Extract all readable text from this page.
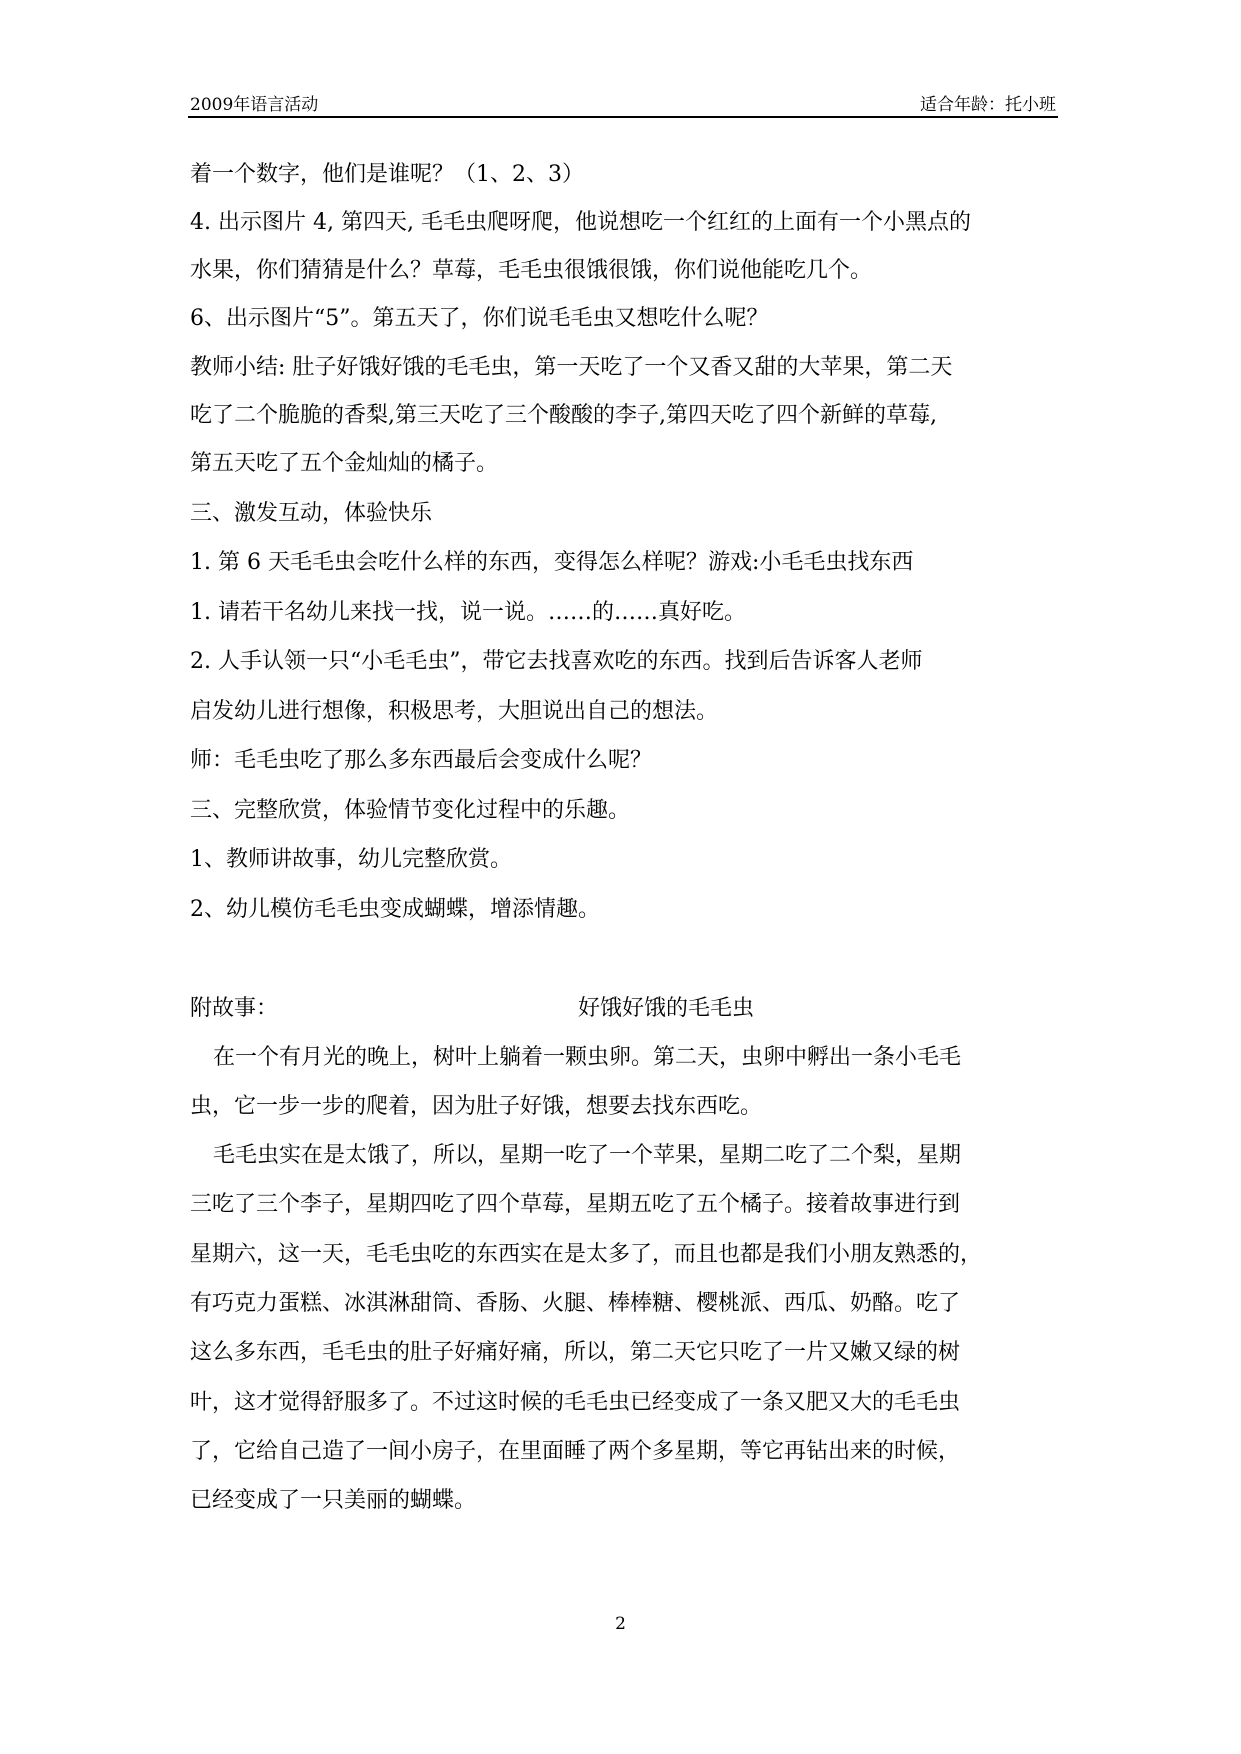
2009年语言活动	适合年龄：托小班
着一个数字，他们是谁呢？（1、2、3）
4. 出示图片 4, 第四天, 毛毛虫爬呀爬，他说想吃一个红红的上面有一个小黑点的
水果，你们猜猜是什么？草莓，毛毛虫很饿很饿，你们说他能吃几个。
6、出示图片“5”。第五天了，你们说毛毛虫又想吃什么呢？
教师小结: 肚子好饿好饿的毛毛虫，第一天吃了一个又香又甜的大苹果，第二天
吃了二个脆脆的香梨,第三天吃了三个酸酸的李子,第四天吃了四个新鲜的草莓,
第五天吃了五个金灿灿的橘子。
三、激发互动，体验快乐
1. 第 6 天毛毛虫会吃什么样的东西，变得怎么样呢？游戏:小毛毛虫找东西
1. 请若干名幼儿来找一找，说一说。……的……真好吃。
2. 人手认领一只“小毛毛虫”，带它去找喜欢吃的东西。找到后告诉客人老师
启发幼儿进行想像，积极思考，大胆说出自己的想法。
师：毛毛虫吃了那么多东西最后会变成什么呢？
三、完整欣赏，体验情节变化过程中的乐趣。
1、教师讲故事，幼儿完整欣赏。
2、幼儿模仿毛毛虫变成蝴蝶，增添情趣。
附故事：	好饿好饿的毛毛虫
在一个有月光的晚上，树叶上躺着一颗虫卵。第二天，虫卵中孵出一条小毛毛
虫，它一步一步的爬着，因为肚子好饿，想要去找东西吃。
毛毛虫实在是太饿了，所以，星期一吃了一个苹果，星期二吃了二个梨，星期
三吃了三个李子，星期四吃了四个草莓，星期五吃了五个橘子。接着故事进行到
星期六，这一天，毛毛虫吃的东西实在是太多了，而且也都是我们小朋友熟悉的，
有巧克力蛋糕、冰淇淋甜筒、香肠、火腿、棒棒糖、樱桃派、西瓜、奶酪。吃了
这么多东西，毛毛虫的肚子好痛好痛，所以，第二天它只吃了一片又嫩又绿的树
叶，这才觉得舒服多了。不过这时候的毛毛虫已经变成了一条又肥又大的毛毛虫
了，它给自己造了一间小房子，在里面睡了两个多星期，等它再钻出来的时候，
已经变成了一只美丽的蝴蝶。
2
